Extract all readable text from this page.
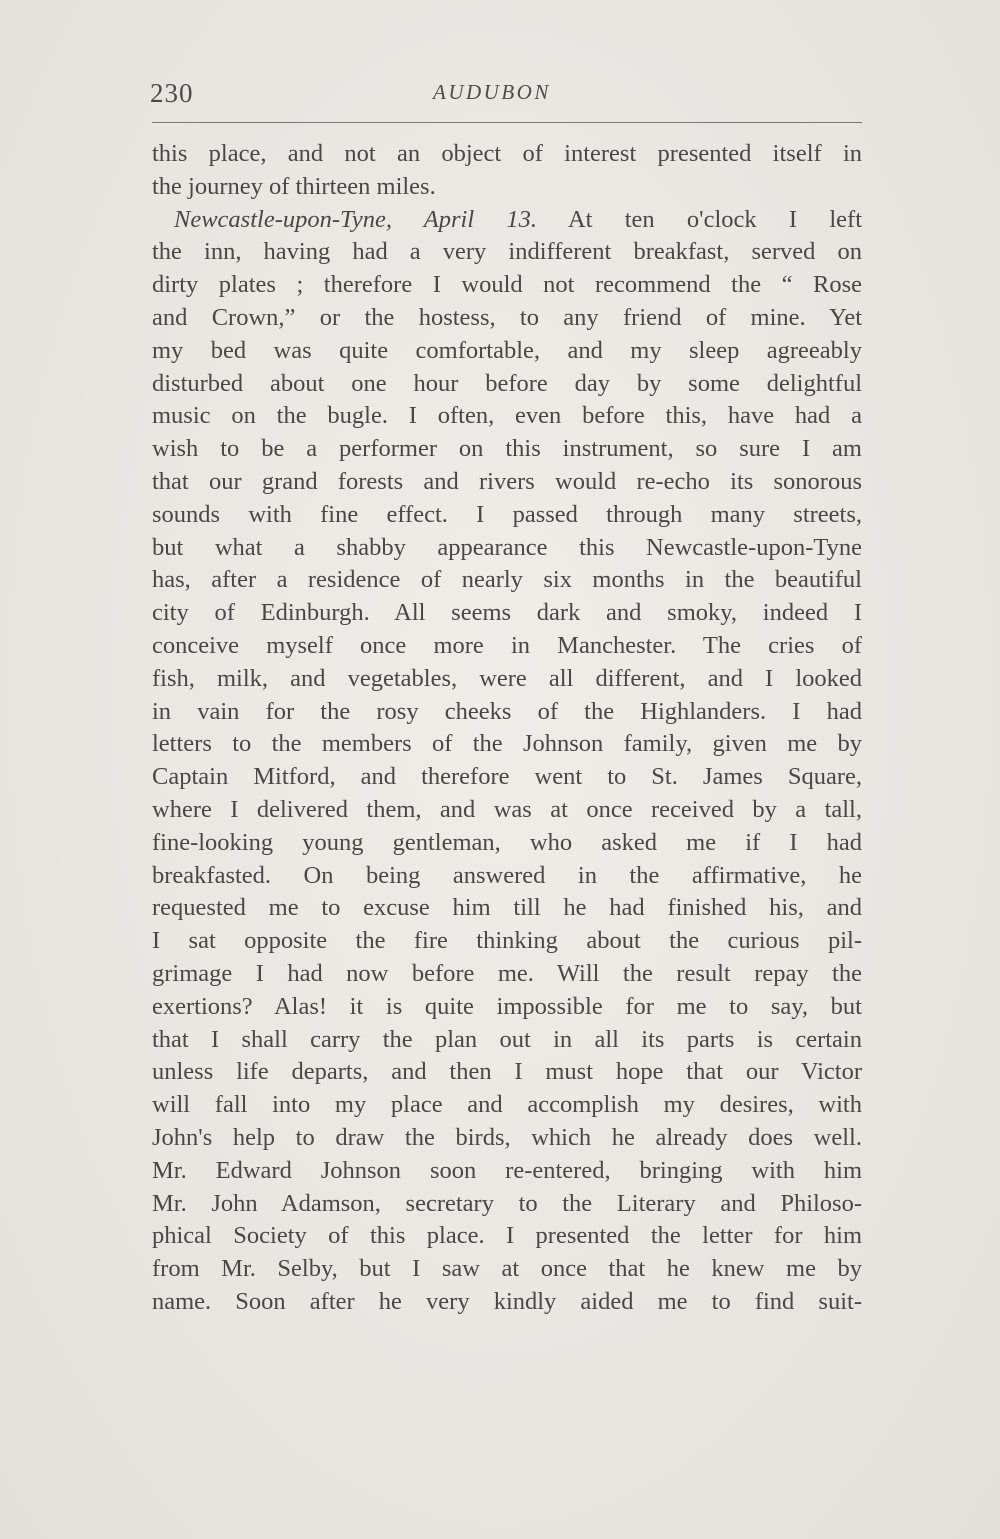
230	AUDUBON
this place, and not an object of interest presented itself in
the journey of thirteen miles.
Newcastle-upon-Tyne, April 13. At ten o'clock I left
the inn, having had a very indifferent breakfast, served on
dirty plates ; therefore I would not recommend the “ Rose
and Crown,” or the hostess, to any friend of mine. Yet
my bed was quite comfortable, and my sleep agreeably
disturbed about one hour before day by some delightful
music on the bugle. I often, even before this, have had a
wish to be a performer on this instrument, so sure I am
that our grand forests and rivers would re-echo its sonorous
sounds with fine effect. I passed through many streets,
but what a shabby appearance this Newcastle-upon-Tyne
has, after a residence of nearly six months in the beautiful
city of Edinburgh. All seems dark and smoky, indeed I
conceive myself once more in Manchester. The cries of
fish, milk, and vegetables, were all different, and I looked
in vain for the rosy cheeks of the Highlanders. I had
letters to the members of the Johnson family, given me by
Captain Mitford, and therefore went to St. James Square,
where I delivered them, and was at once received by a tall,
fine-looking young gentleman, who asked me if I had
breakfasted. On being answered in the affirmative, he
requested me to excuse him till he had finished his, and
I sat opposite the fire thinking about the curious pil-
grimage I had now before me. Will the result repay the
exertions? Alas! it is quite impossible for me to say, but
that I shall carry the plan out in all its parts is certain
unless life departs, and then I must hope that our Victor
will fall into my place and accomplish my desires, with
John's help to draw the birds, which he already does well.
Mr. Edward Johnson soon re-entered, bringing with him
Mr. John Adamson, secretary to the Literary and Philoso-
phical Society of this place. I presented the letter for him
from Mr. Selby, but I saw at once that he knew me by
name. Soon after he very kindly aided me to find suit-
